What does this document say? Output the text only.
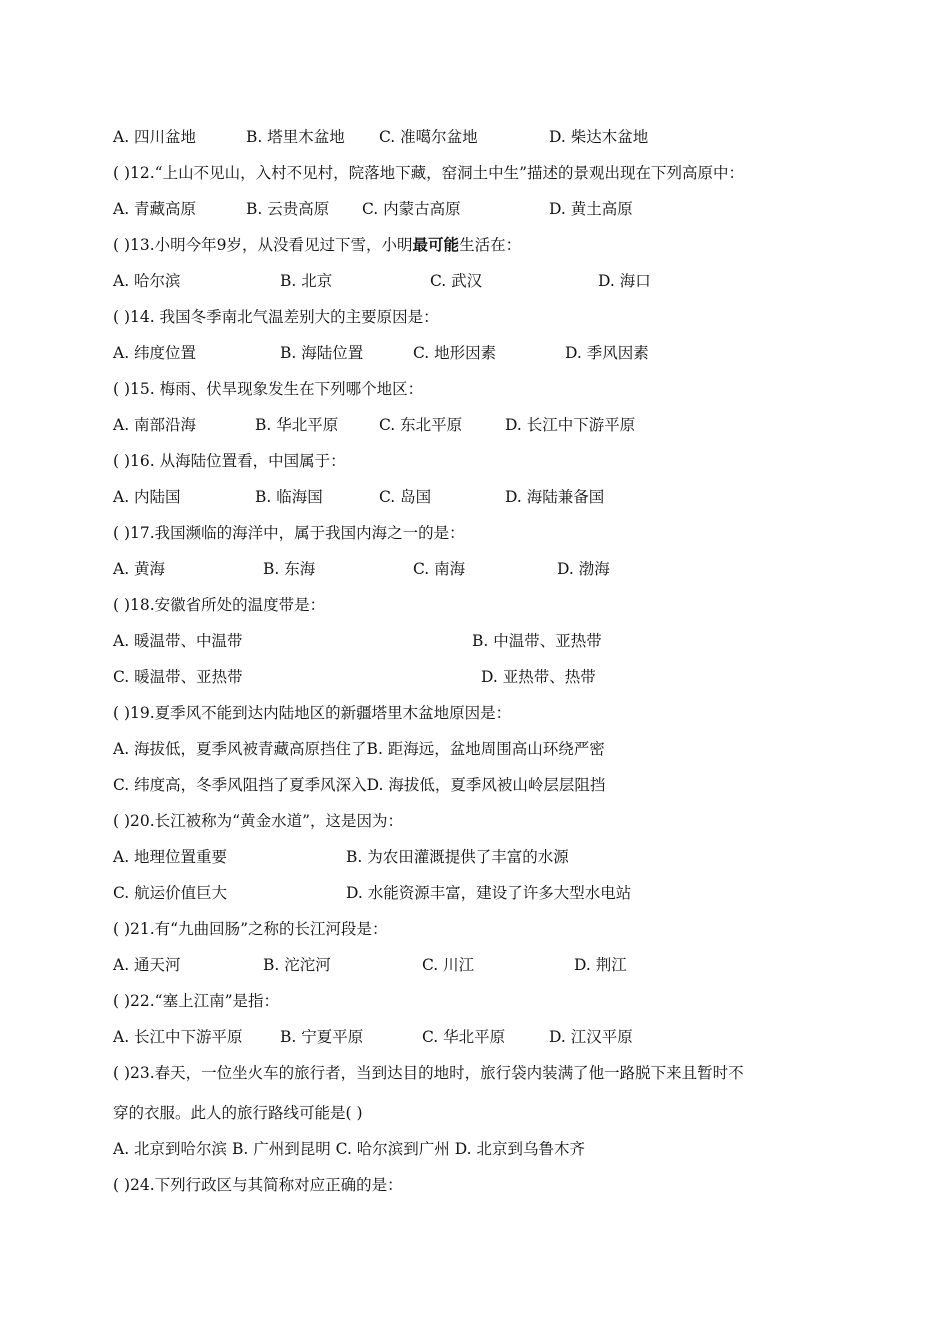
A. 四川盆地	B. 塔里木盆地 C. 准噶尔盆地	D. 柴达木盆地
( )12.“上山不见山，入村不见村，院落地下藏，窑洞土中生”描述的景观出现在下列高原中：
A. 青藏高原	B. 云贵高原 C. 内蒙古高原	D. 黄土高原
( )13.小明今年9岁，从没看见过下雪，小明最可能生活在：
A. 哈尔滨	B. 北京	C. 武汉	D. 海口
( )14. 我国冬季南北气温差别大的主要原因是：
A. 纬度位置	B. 海陆位置	C. 地形因素	D. 季风因素
( )15. 梅雨、伏旱现象发生在下列哪个地区：
A. 南部沿海	B. 华北平原	C. 东北平原	D. 长江中下游平原
( )16. 从海陆位置看，中国属于：
A. 内陆国	B. 临海国	C. 岛国	D. 海陆兼备国
( )17.我国濒临的海洋中，属于我国内海之一的是：
A. 黄海	B. 东海	C. 南海	D. 渤海
( )18.安徽省所处的温度带是：
A. 暖温带、中温带	B. 中温带、亚热带
C. 暖温带、亚热带	D. 亚热带、热带
( )19.夏季风不能到达内陆地区的新疆塔里木盆地原因是：
A. 海拔低，夏季风被青藏高原挡住了B. 距海远，盆地周围高山环绕严密
C. 纬度高，冬季风阻挡了夏季风深入D. 海拔低，夏季风被山岭层层阻挡
( )20.长江被称为“黄金水道”，这是因为：
A. 地理位置重要	B. 为农田灌溉提供了丰富的水源
C. 航运价值巨大	D. 水能资源丰富，建设了许多大型水电站
( )21.有“九曲回肠”之称的长江河段是：
A. 通天河	B. 沱沱河	C. 川江	D. 荆江
( )22.“塞上江南”是指：
A. 长江中下游平原 B. 宁夏平原	C. 华北平原	D. 江汉平原
( )23.春天，一位坐火车的旅行者，当到达目的地时，旅行袋内装满了他一路脱下来且暂时不
穿的衣服。此人的旅行路线可能是( )
A. 北京到哈尔滨 B. 广州到昆明 C. 哈尔滨到广州 D. 北京到乌鲁木齐
( )24.下列行政区与其简称对应正确的是：
